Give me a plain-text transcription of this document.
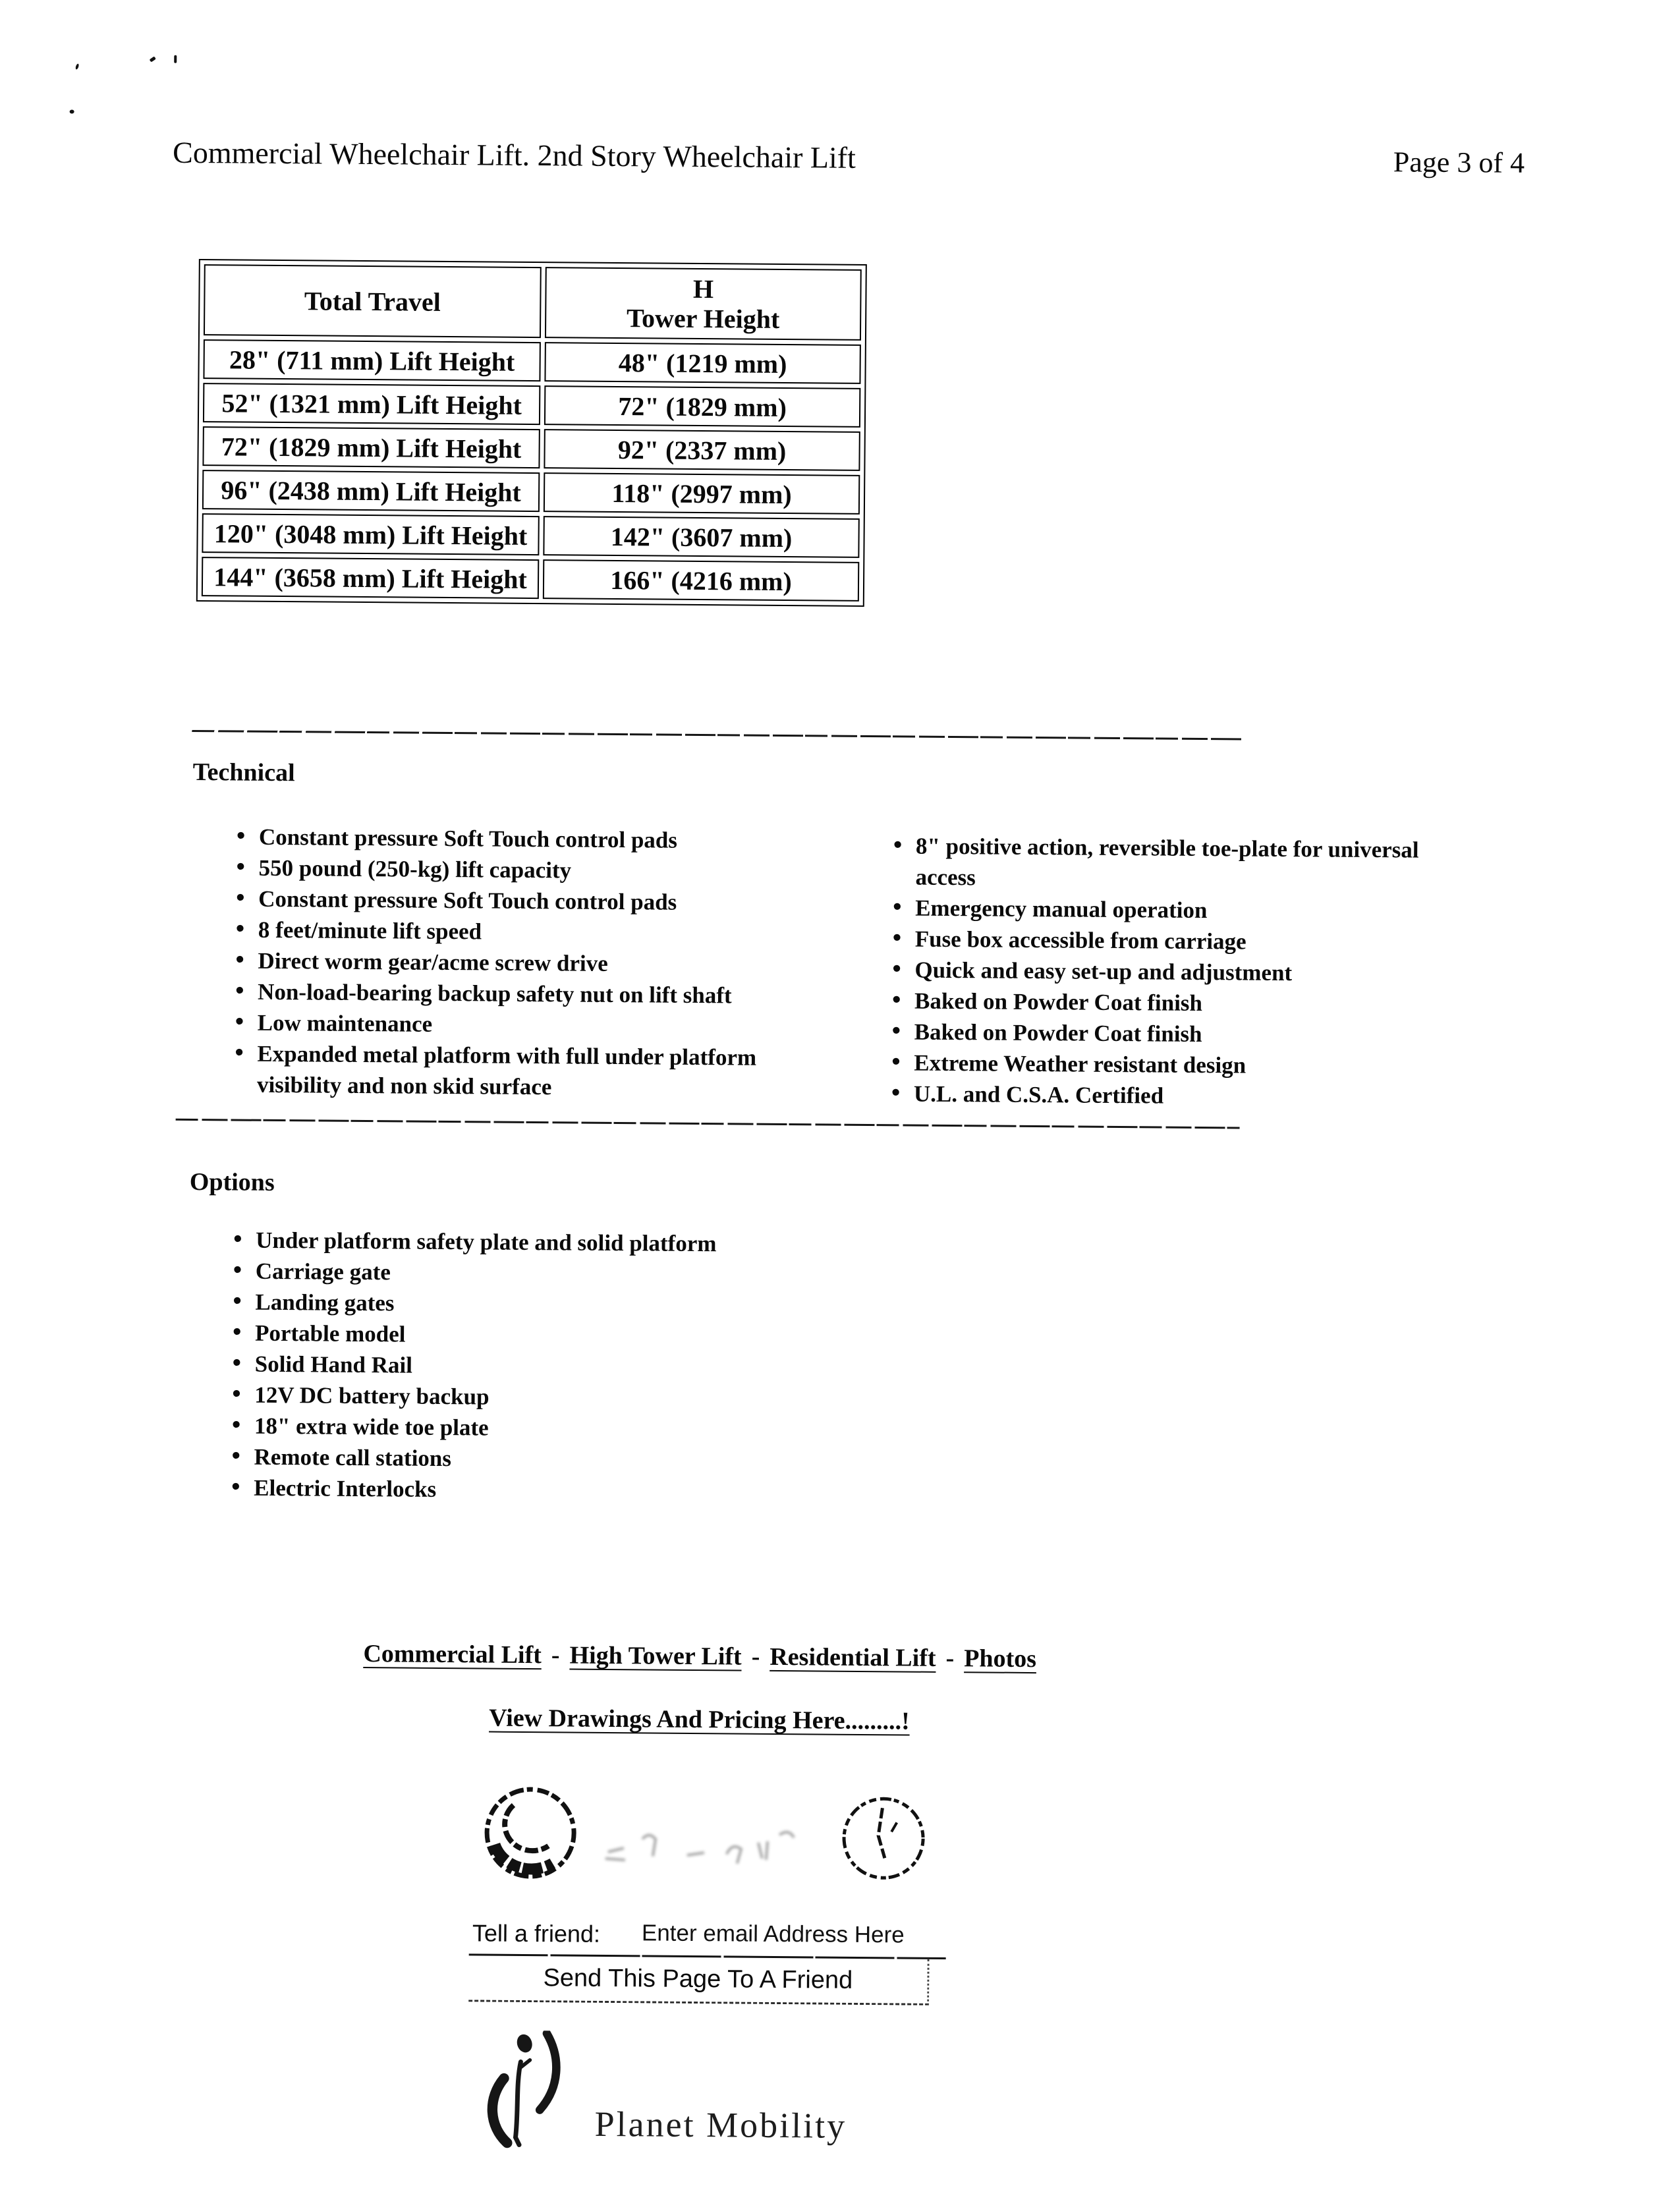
Commercial Wheelchair Lift. 2nd Story Wheelchair Lift	Page 3 of 4
Total Travel	H
Tower Height

28" (711 mm) Lift Height	48" (1219 mm)
52" (1321 mm) Lift Height	72" (1829 mm)
72" (1829 mm) Lift Height	92" (2337 mm)
96" (2438 mm) Lift Height	118" (2997 mm)
120" (3048 mm) Lift Height	142" (3607 mm)
144" (3658 mm) Lift Height	166" (4216 mm)
Technical
• Constant pressure Soft Touch control pads
• 550 pound (250-kg) lift capacity
• Constant pressure Soft Touch control pads
• 8 feet/minute lift speed
• Direct worm gear/acme screw drive
• Non-load-bearing backup safety nut on lift shaft
• Low maintenance
• Expanded metal platform with full under platform
visibility and non skid surface
• 8" positive action, reversible toe-plate for universal
access
• Emergency manual operation
• Fuse box accessible from carriage
• Quick and easy set-up and adjustment
• Baked on Powder Coat finish
• Baked on Powder Coat finish
• Extreme Weather resistant design
• U.L. and C.S.A. Certified
Options
• Under platform safety plate and solid platform
• Carriage gate
• Landing gates
• Portable model
• Solid Hand Rail
• 12V DC battery backup
• 18" extra wide toe plate
• Remote call stations
• Electric Interlocks
Commercial Lift - High Tower Lift - Residential Lift - Photos
View Drawings And Pricing Here.........!
Tell a friend:
Enter email Address Here
Send This Page To A Friend
Planet Mobility
